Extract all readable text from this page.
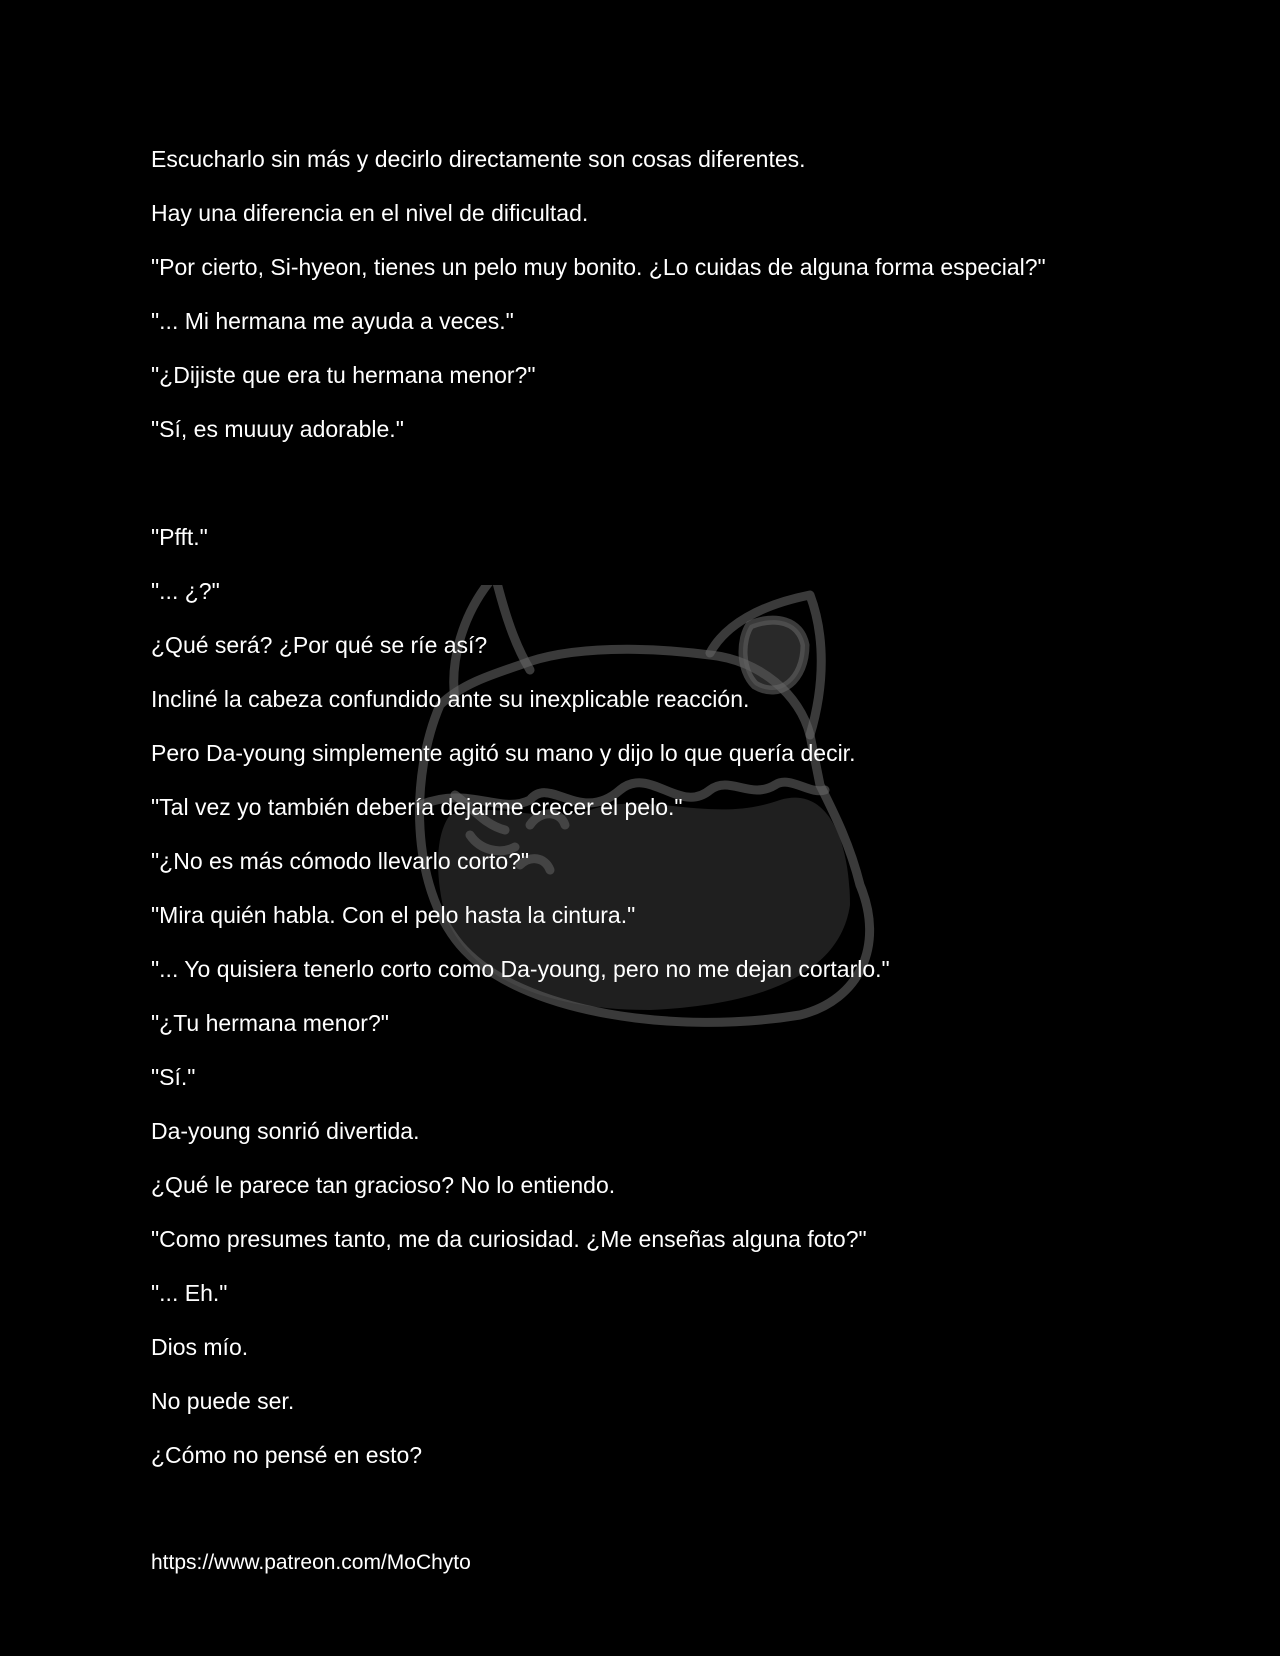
Escucharlo sin más y decirlo directamente son cosas diferentes.

Hay una diferencia en el nivel de dificultad.

"Por cierto, Si-hyeon, tienes un pelo muy bonito. ¿Lo cuidas de alguna forma especial?"

"... Mi hermana me ayuda a veces."

"¿Dijiste que era tu hermana menor?"

"Sí, es muuuy adorable."

"Pfft."

"... ¿?"

¿Qué será? ¿Por qué se ríe así?

Incliné la cabeza confundido ante su inexplicable reacción.

Pero Da-young simplemente agitó su mano y dijo lo que quería decir.

"Tal vez yo también debería dejarme crecer el pelo."

"¿No es más cómodo llevarlo corto?"

"Mira quién habla. Con el pelo hasta la cintura."

"... Yo quisiera tenerlo corto como Da-young, pero no me dejan cortarlo."

"¿Tu hermana menor?"

"Sí."

Da-young sonrió divertida.

¿Qué le parece tan gracioso? No lo entiendo.

"Como presumes tanto, me da curiosidad. ¿Me enseñas alguna foto?"

"... Eh."

Dios mío.

No puede ser.

¿Cómo no pensé en esto?

https://www.patreon.com/MoChyto
